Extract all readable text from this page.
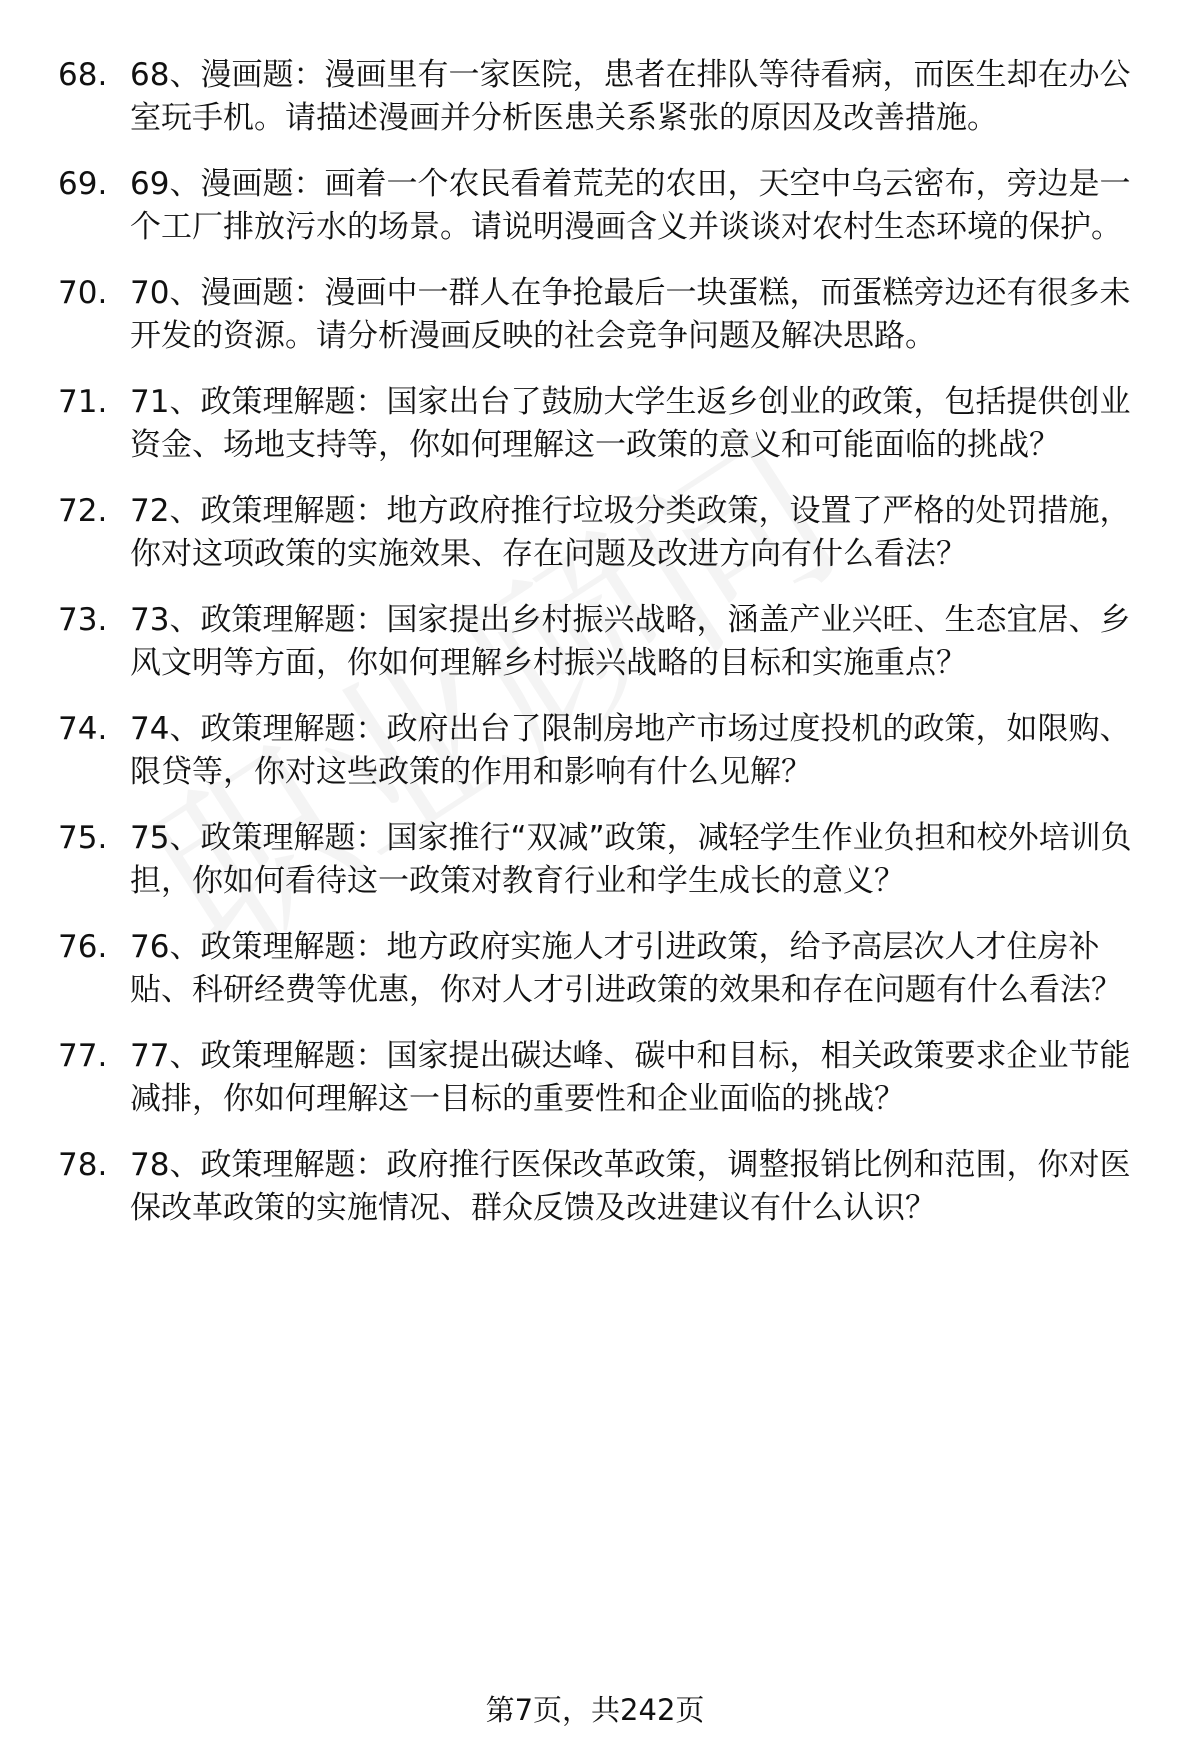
68. 68、漫画题：漫画里有一家医院，患者在排队等待看病，而医生却在办公室玩手机。请描述漫画并分析医患关系紧张的原因及改善措施。
69. 69、漫画题：画着一个农民看着荒芜的农田，天空中乌云密布，旁边是一个工厂排放污水的场景。请说明漫画含义并谈谈对农村生态环境的保护。
70. 70、漫画题：漫画中一群人在争抢最后一块蛋糕，而蛋糕旁边还有很多未开发的资源。请分析漫画反映的社会竞争问题及解决思路。
71. 71、政策理解题：国家出台了鼓励大学生返乡创业的政策，包括提供创业资金、场地支持等，你如何理解这一政策的意义和可能面临的挑战？
72. 72、政策理解题：地方政府推行垃圾分类政策，设置了严格的处罚措施，你对这项政策的实施效果、存在问题及改进方向有什么看法？
73. 73、政策理解题：国家提出乡村振兴战略，涵盖产业兴旺、生态宜居、乡风文明等方面，你如何理解乡村振兴战略的目标和实施重点？
74. 74、政策理解题：政府出台了限制房地产市场过度投机的政策，如限购、限贷等，你对这些政策的作用和影响有什么见解？
75. 75、政策理解题：国家推行“双减”政策，减轻学生作业负担和校外培训负担，你如何看待这一政策对教育行业和学生成长的意义？
76. 76、政策理解题：地方政府实施人才引进政策，给予高层次人才住房补贴、科研经费等优惠，你对人才引进政策的效果和存在问题有什么看法？
77. 77、政策理解题：国家提出碳达峰、碳中和目标，相关政策要求企业节能减排，你如何理解这一目标的重要性和企业面临的挑战？
78. 78、政策理解题：政府推行医保改革政策，调整报销比例和范围，你对医保改革政策的实施情况、群众反馈及改进建议有什么认识？
第7页，共242页
